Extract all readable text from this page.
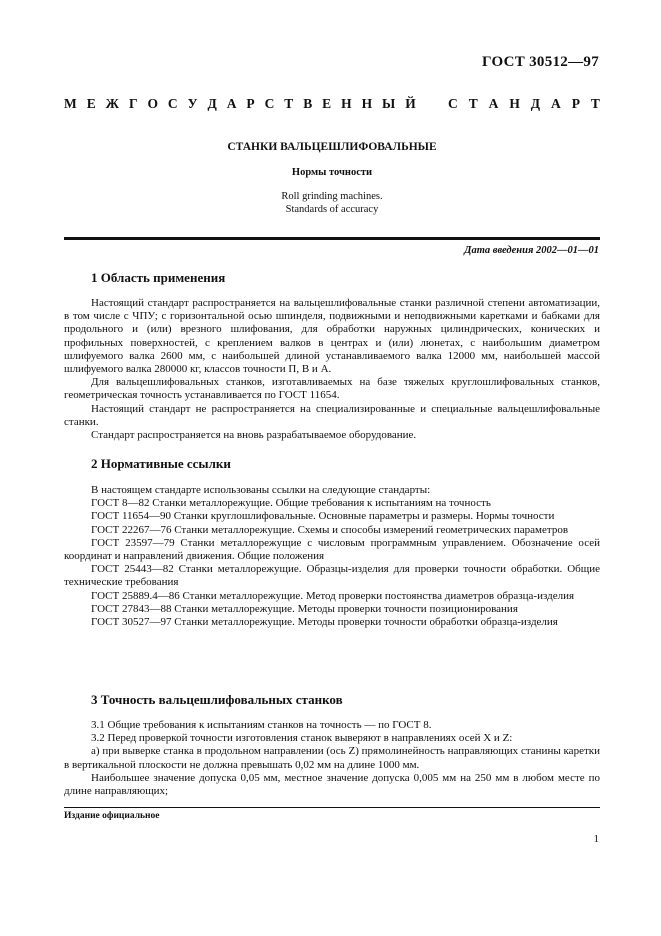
ГОСТ 30512—97
М Е Ж Г О С У Д А Р С Т В Е Н Н Ы Й С Т А Н Д А Р Т
СТАНКИ ВАЛЬЦЕШЛИФОВАЛЬНЫЕ
Нормы точности
Roll grinding machines.
Standards of accuracy
Дата введения 2002—01—01
1 Область применения

Настоящий стандарт распространяется на вальцешлифовальные станки различной степени автоматизации, в том числе с ЧПУ; с горизонтальной осью шпинделя, подвижными и неподвижными каретками и бабками для продольного и (или) врезного шлифования, для обработки наружных цилиндрических, конических и профильных поверхностей, с креплением валков в центрах и (или) люнетах, с наибольшим диаметром шлифуемого валка 2600 мм, с наибольшей длиной устанавливаемого валка 12000 мм, наибольшей массой шлифуемого валка 280000 кг, классов точности П, В и А.

Для вальцешлифовальных станков, изготавливаемых на базе тяжелых круглошлифовальных станков, геометрическая точность устанавливается по ГОСТ 11654.

Настоящий стандарт не распространяется на специализированные и специальные вальцешлифовальные станки.

Стандарт распространяется на вновь разрабатываемое оборудование.

2 Нормативные ссылки

В настоящем стандарте использованы ссылки на следующие стандарты:

ГОСТ 8—82 Станки металлорежущие. Общие требования к испытаниям на точность

ГОСТ 11654—90 Станки круглошлифовальные. Основные параметры и размеры. Нормы точности

ГОСТ 22267—76 Станки металлорежущие. Схемы и способы измерений геометрических параметров

ГОСТ 23597—79 Станки металлорежущие с числовым программным управлением. Обозначение осей координат и направлений движения. Общие положения

ГОСТ 25443—82 Станки металлорежущие. Образцы-изделия для проверки точности обработки. Общие технические требования

ГОСТ 25889.4—86 Станки металлорежущие. Метод проверки постоянства диаметров образца-изделия

ГОСТ 27843—88 Станки металлорежущие. Методы проверки точности позиционирования

ГОСТ 30527—97 Станки металлорежущие. Методы проверки точности обработки образца-изделия

3 Точность вальцешлифовальных станков

3.1 Общие требования к испытаниям станков на точность — по ГОСТ 8.

3.2 Перед проверкой точности изготовления станок выверяют в направлениях осей X и Z:

а) при выверке станка в продольном направлении (ось Z) прямолинейность направляющих станины каретки в вертикальной плоскости не должна превышать 0,02 мм на длине 1000 мм.

Наибольшее значение допуска 0,05 мм, местное значение допуска 0,005 мм на 250 мм в любом месте по длине направляющих;

Издание официальное
1
